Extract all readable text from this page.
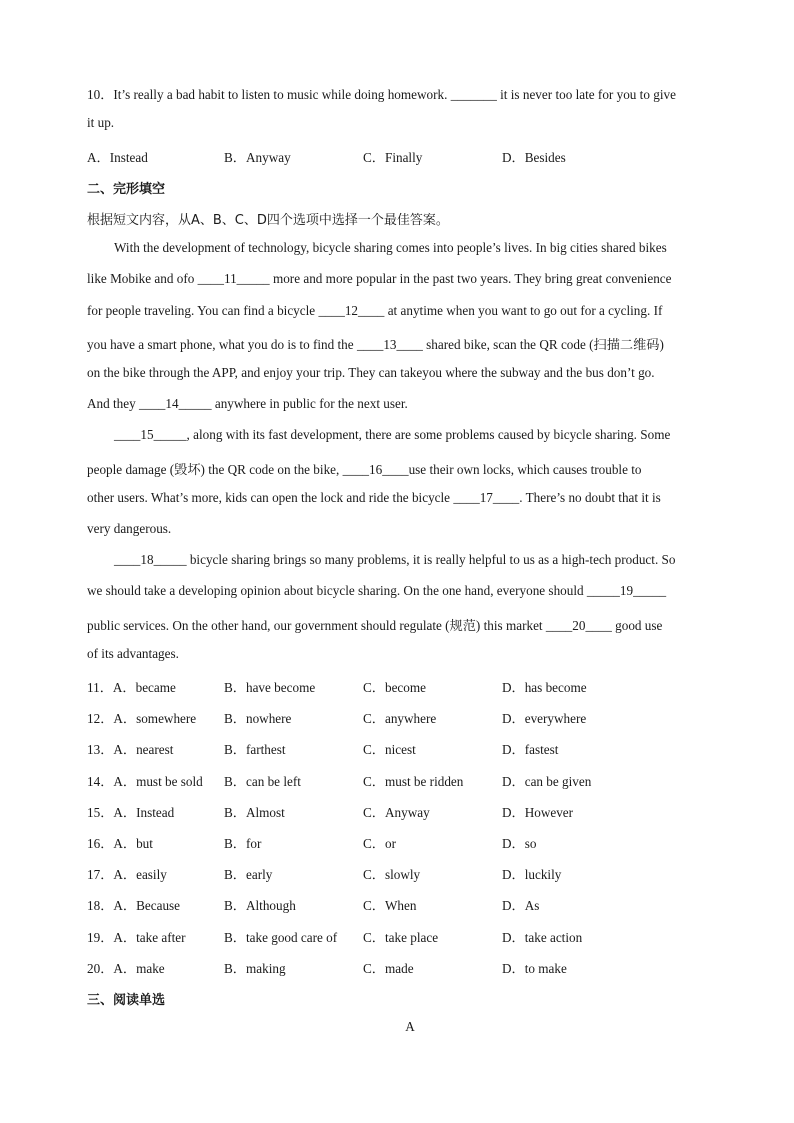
10．It’s really a bad habit to listen to music while doing homework. _______ it is never too late for you to give
it up.
A．Instead	B．Anyway	C．Finally	D．Besides
二、完形填空
根据短文内容，从A、B、C、D四个选项中选择一个最佳答案。
With the development of technology, bicycle sharing comes into people’s lives. In big cities shared bikes
like Mobike and ofo ____11_____ more and more popular in the past two years. They bring great convenience
for people traveling. You can find a bicycle ____12____ at anytime when you want to go out for a cycling. If
you have a smart phone, what you do is to find the ____13____ shared bike, scan the QR code (扫描二维码)
on the bike through the APP, and enjoy your trip. They can takeyou where the subway and the bus don’t go.
And they ____14_____ anywhere in public for the next user.
____15_____, along with its fast development, there are some problems caused by bicycle sharing. Some
people damage (毁坏) the QR code on the bike, ____16____use their own locks, which causes trouble to
other users. What’s more, kids can open the lock and ride the bicycle ____17____. There’s no doubt that it is
very dangerous.
____18_____ bicycle sharing brings so many problems, it is really helpful to us as a high-tech product. So
we should take a developing opinion about bicycle sharing. On the one hand, everyone should _____19_____
public services. On the other hand, our government should regulate (规范) this market ____20____ good use
of its advantages.
11．A．became	B．have become	C．become	D．has become
12．A．somewhere B．nowhere	C．anywhere	D．everywhere
13．A．nearest	B．farthest	C．nicest	D．fastest
14．A．must be sold B．can be left	C．must be ridden	D．can be given
15．A．Instead	B．Almost	C．Anyway	D．However
16．A．but	B．for	C．or	D．so
17．A．easily	B．early	C．slowly	D．luckily
18．A．Because	B．Although	C．When	D．As
19．A．take after	B．take good care of C．take place	D．take action
20．A．make	B．making	C．made	D．to make
三、阅读单选
A
